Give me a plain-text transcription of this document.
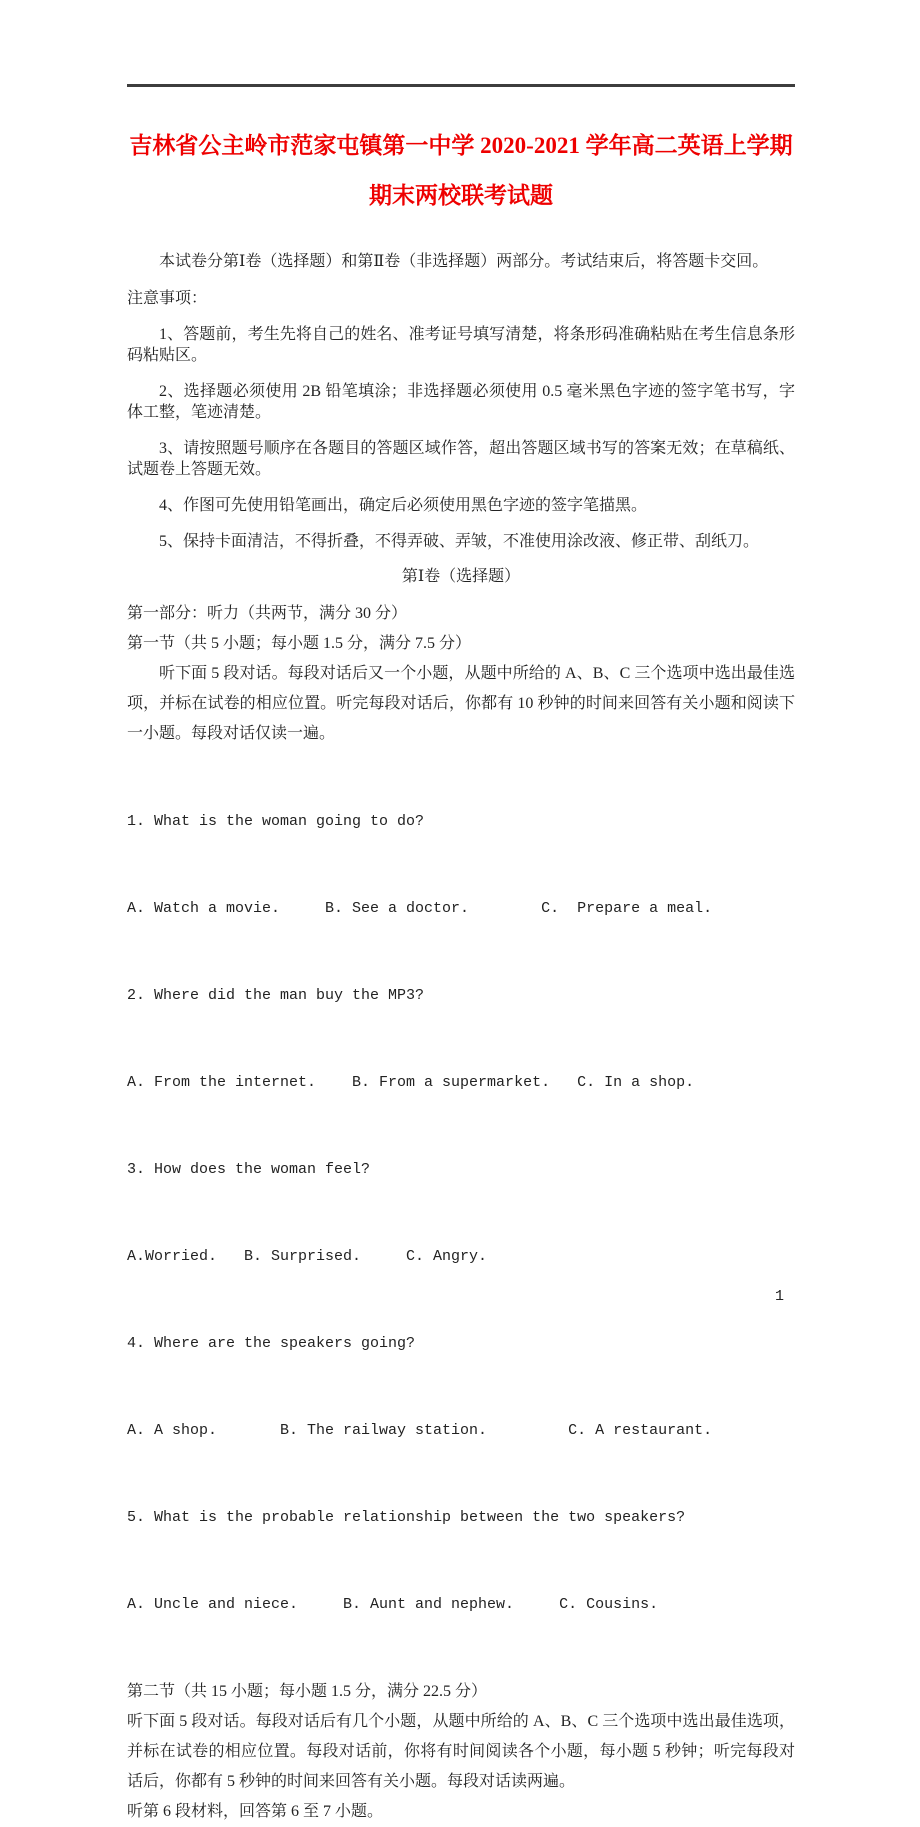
吉林省公主岭市范家屯镇第一中学 2020-2021 学年高二英语上学期
期末两校联考试题

本试卷分第Ⅰ卷（选择题）和第Ⅱ卷（非选择题）两部分。考试结束后，将答题卡交回。

注意事项：

1、答题前，考生先将自己的姓名、准考证号填写清楚，将条形码准确粘贴在考生信息条形码粘贴区。

2、选择题必须使用 2B 铅笔填涂；非选择题必须使用 0.5 毫米黑色字迹的签字笔书写，字体工整，笔迹清楚。

3、请按照题号顺序在各题目的答题区域作答，超出答题区域书写的答案无效；在草稿纸、试题卷上答题无效。

4、作图可先使用铅笔画出，确定后必须使用黑色字迹的签字笔描黑。

5、保持卡面清洁，不得折叠，不得弄破、弄皱，不准使用涂改液、修正带、刮纸刀。

第Ⅰ卷（选择题）

第一部分：听力（共两节，满分 30 分）

第一节（共 5 小题；每小题 1.5 分，满分 7.5 分）

听下面 5 段对话。每段对话后又一个小题，从题中所给的 A、B、C 三个选项中选出最佳选项，并标在试卷的相应位置。听完每段对话后，你都有 10 秒钟的时间来回答有关小题和阅读下一小题。每段对话仅读一遍。

1. What is the woman going to do?

A. Watch a movie.     B. See a doctor.        C.  Prepare a meal.

2. Where did the man buy the MP3?

A. From the internet.    B. From a supermarket.   C. In a shop.

3. How does the woman feel?

A.Worried.   B. Surprised.     C. Angry.

4. Where are the speakers going?

A. A shop.       B. The railway station.         C. A restaurant.

5. What is the probable relationship between the two speakers?

A. Uncle and niece.     B. Aunt and nephew.     C. Cousins.

第二节（共 15 小题；每小题 1.5 分，满分 22.5 分）

听下面 5 段对话。每段对话后有几个小题，从题中所给的 A、B、C 三个选项中选出最佳选项，并标在试卷的相应位置。每段对话前，你将有时间阅读各个小题，每小题 5 秒钟；听完每段对话后，你都有 5 秒钟的时间来回答有关小题。每段对话读两遍。

听第 6 段材料，回答第 6 至 7 小题。

1
